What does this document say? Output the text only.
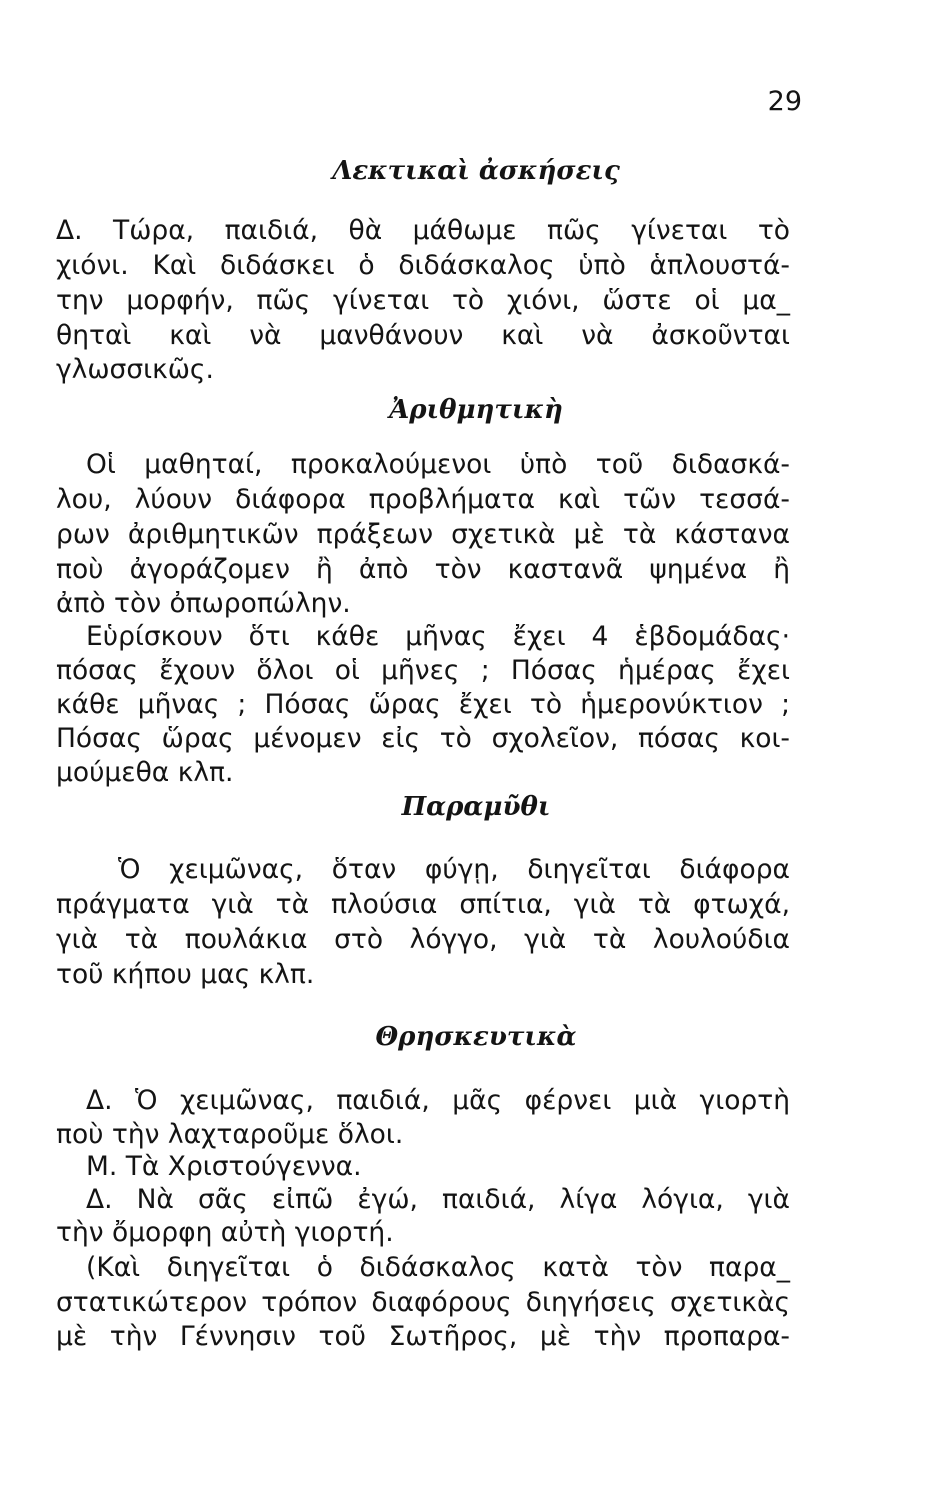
29
Λεκτικαὶ ἀσκήσεις
Δ. Τώρα, παιδιά, θὰ μάθωμε πῶς γίνεται τὸ
χιόνι. Καὶ διδάσκει ὁ διδάσκαλος ὑπὸ ἁπλουστά-
την μορφήν, πῶς γίνεται τὸ χιόνι, ὥστε οἱ μα_
θηταὶ καὶ νὰ μανθάνουν καὶ νὰ ἀσκοῦνται
γλωσσικῶς.
Ἀριθμητικὴ
Οἱ μαθηταί, προκαλούμενοι ὑπὸ τοῦ διδασκά-
λου, λύουν διάφορα προβλήματα καὶ τῶν τεσσά-
ρων ἀριθμητικῶν πράξεων σχετικὰ μὲ τὰ κάστανα
ποὺ ἀγοράζομεν ἢ ἀπὸ τὸν καστανᾶ ψημένα ἢ
ἀπὸ τὸν ὀπωροπώλην.
Εὑρίσκουν ὅτι κάθε μῆνας ἔχει 4 ἑβδομάδας·
πόσας ἔχουν ὅλοι οἱ μῆνες ; Πόσας ἡμέρας ἔχει
κάθε μῆνας ; Πόσας ὥρας ἔχει τὸ ἡμερονύκτιον ;
Πόσας ὥρας μένομεν εἰς τὸ σχολεῖον, πόσας κοι-
μούμεθα κλπ.
Παραμῦθι
Ὁ χειμῶνας, ὅταν φύγῃ, διηγεῖται διάφορα
πράγματα γιὰ τὰ πλούσια σπίτια, γιὰ τὰ φτωχά,
γιὰ τὰ πουλάκια στὸ λόγγο, γιὰ τὰ λουλούδια
τοῦ κήπου μας κλπ.
Θρησκευτικὰ
Δ. Ὁ χειμῶνας, παιδιά, μᾶς φέρνει μιὰ γιορτὴ
ποὺ τὴν λαχταροῦμε ὅλοι.
Μ. Τὰ Χριστούγεννα.
Δ. Νὰ σᾶς εἰπῶ ἐγώ, παιδιά, λίγα λόγια, γιὰ
τὴν ὄμορφη αὐτὴ γιορτή.
(Καὶ διηγεῖται ὁ διδάσκαλος κατὰ τὸν παρα_
στατικώτερον τρόπον διαφόρους διηγήσεις σχετικὰς
μὲ τὴν Γέννησιν τοῦ Σωτῆρος, μὲ τὴν προπαρα-
